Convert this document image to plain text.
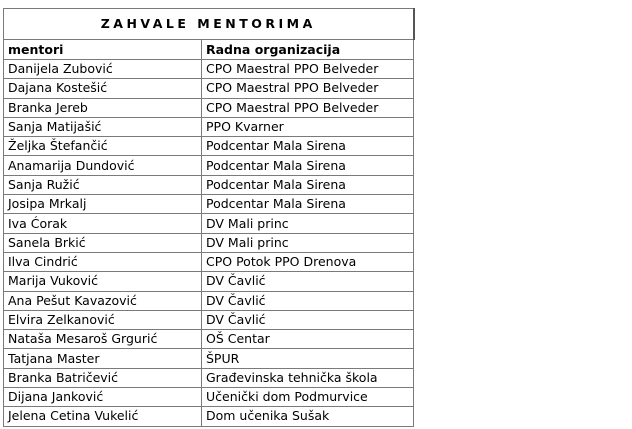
ZAHVALE MENTORIMA	
mentori	Radna organizacija
Danijela Zubović	CPO Maestral PPO Belveder
Dajana Kostešić	CPO Maestral PPO Belveder
Branka Jereb	CPO Maestral PPO Belveder
Sanja Matijašić	PPO Kvarner
Željka Štefančić	Podcentar Mala Sirena
Anamarija Dundović	Podcentar Mala Sirena
Sanja Ružić	Podcentar Mala Sirena
Josipa Mrkalj	Podcentar Mala Sirena
Iva Ćorak	DV Mali princ
Sanela Brkić	DV Mali princ
Ilva Cindrić	CPO Potok PPO Drenova
Marija Vuković	DV Čavlić
Ana Pešut Kavazović	DV Čavlić
Elvira Zelkanović	DV Čavlić
Nataša Mesaroš Grgurić	OŠ Centar
Tatjana Master	ŠPUR
Branka Batričević	Građevinska tehnička škola
Dijana Janković	Učenički dom Podmurvice
Jelena Cetina Vukelić	Dom učenika Sušak
